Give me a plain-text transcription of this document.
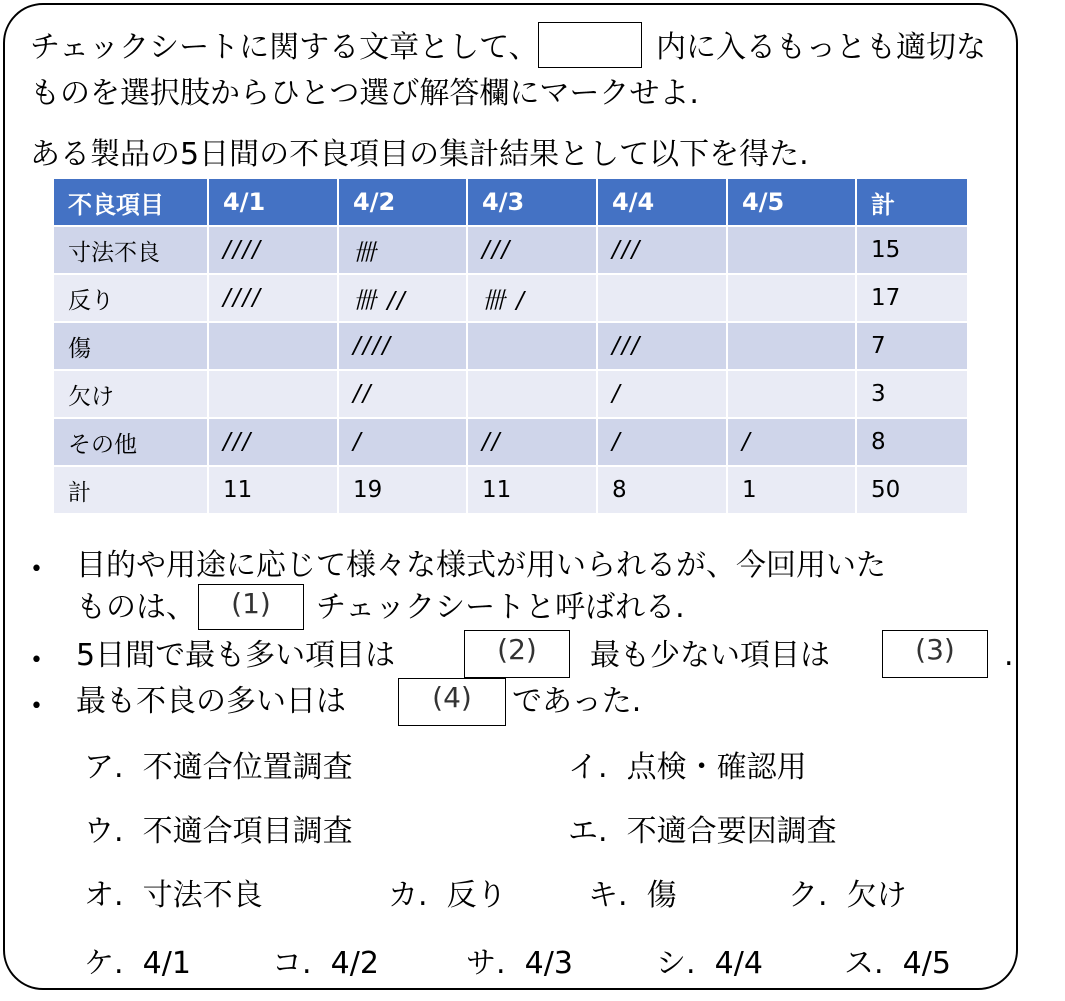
チェックシートに関する文章として、	内に入るもっとも適切な
ものを選択肢からひとつ選び解答欄にマークせよ.
ある製品の5日間の不良項目の集計結果として以下を得た.
不良項目	4/1	4/2	4/3	4/4	4/5	計
寸法不良	////	卌	///	///		15
反り	////	卌 //	卌 /			17
傷		////		///		7
欠け		//		/		3
その他	///	/	//	/	/	8
計	11	19	11	8	1	50
• 目的や用途に応じて様々な様式が用いられるが、今回用いた
ものは、	(1)	チェックシートと呼ばれる.
• 5日間で最も多い項目は	(2)	最も少ない項目は	(3)	.
• 最も不良の多い日は	(4)	であった.
ア. 不適合位置調査	イ. 点検・確認用
ウ. 不適合項目調査	エ. 不適合要因調査
オ. 寸法不良	カ. 反り	キ. 傷	ク. 欠け
ケ. 4/1	コ. 4/2	サ. 4/3	シ. 4/4	ス. 4/5
